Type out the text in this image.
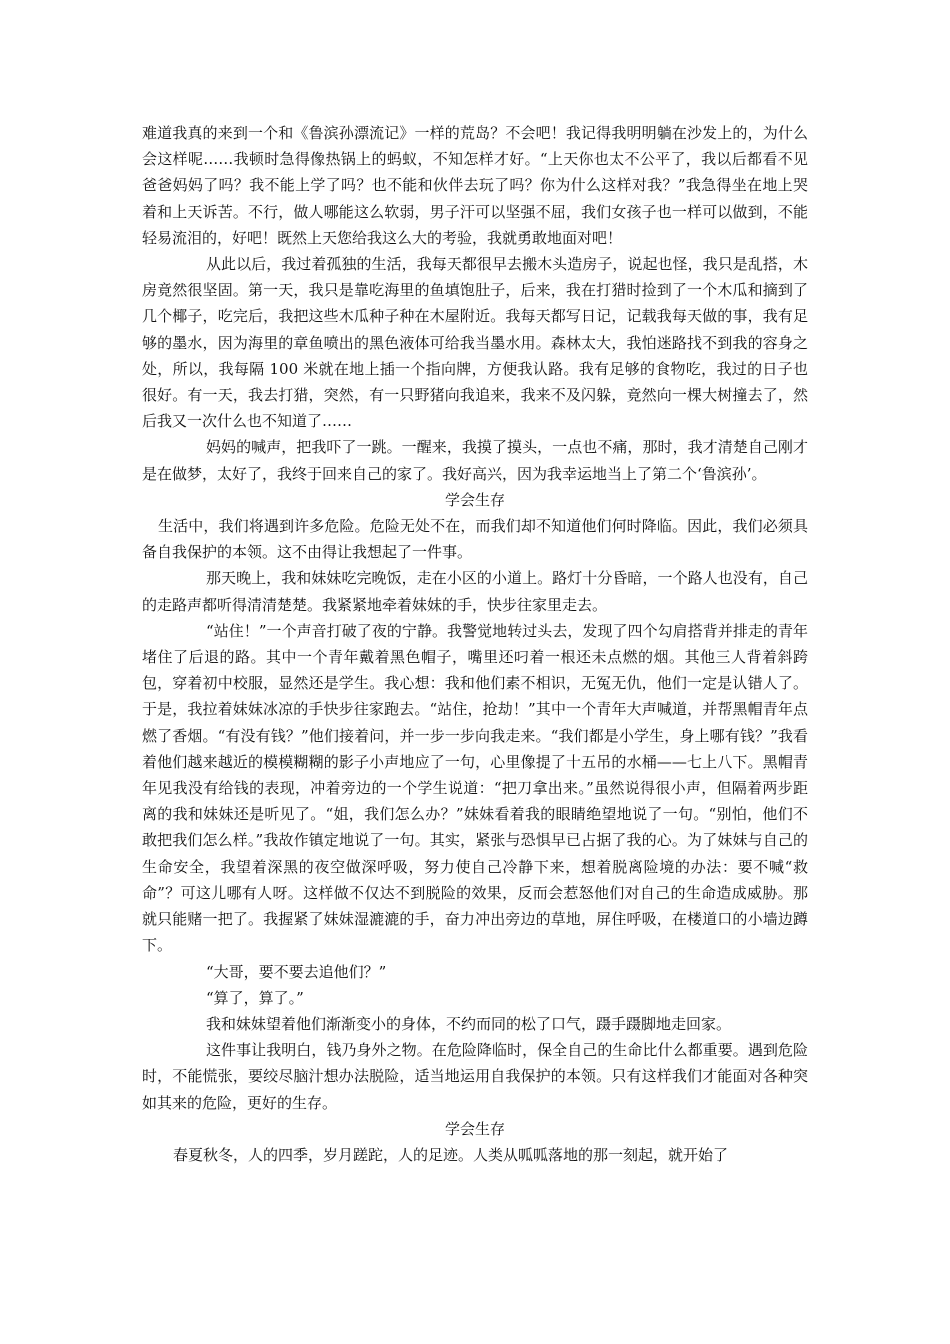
难道我真的来到一个和《鲁滨孙漂流记》一样的荒岛？不会吧！我记得我明明躺在沙发上的，为什么会这样呢……我顿时急得像热锅上的蚂蚁，不知怎样才好。“上天你也太不公平了，我以后都看不见爸爸妈妈了吗？我不能上学了吗？也不能和伙伴去玩了吗？你为什么这样对我？”我急得坐在地上哭着和上天诉苦。不行，做人哪能这么软弱，男子汗可以坚强不屈，我们女孩子也一样可以做到，不能轻易流泪的，好吧！既然上天您给我这么大的考验，我就勇敢地面对吧！

从此以后，我过着孤独的生活，我每天都很早去搬木头造房子，说起也怪，我只是乱搭，木房竟然很坚固。第一天，我只是靠吃海里的鱼填饱肚子，后来，我在打猎时捡到了一个木瓜和摘到了几个椰子，吃完后，我把这些木瓜种子种在木屋附近。我每天都写日记，记载我每天做的事，我有足够的墨水，因为海里的章鱼喷出的黑色液体可给我当墨水用。森林太大，我怕迷路找不到我的容身之处，所以，我每隔 100 米就在地上插一个指向牌，方便我认路。我有足够的食物吃，我过的日子也很好。有一天，我去打猎，突然，有一只野猪向我追来，我来不及闪躲，竟然向一棵大树撞去了，然后我又一次什么也不知道了……

妈妈的喊声，把我吓了一跳。一醒来，我摸了摸头，一点也不痛，那时，我才清楚自己刚才是在做梦，太好了，我终于回来自己的家了。我好高兴，因为我幸运地当上了第二个‘鲁滨孙’。

学会生存

生活中，我们将遇到许多危险。危险无处不在，而我们却不知道他们何时降临。因此，我们必须具备自我保护的本领。这不由得让我想起了一件事。

那天晚上，我和妹妹吃完晚饭，走在小区的小道上。路灯十分昏暗，一个路人也没有，自己的走路声都听得清清楚楚。我紧紧地牵着妹妹的手，快步往家里走去。

“站住！”一个声音打破了夜的宁静。我警觉地转过头去，发现了四个勾肩搭背并排走的青年堵住了后退的路。其中一个青年戴着黑色帽子，嘴里还叼着一根还未点燃的烟。其他三人背着斜跨包，穿着初中校服，显然还是学生。我心想：我和他们素不相识，无冤无仇，他们一定是认错人了。于是，我拉着妹妹冰凉的手快步往家跑去。“站住，抢劫！”其中一个青年大声喊道，并帮黑帽青年点燃了香烟。“有没有钱？”他们接着问，并一步一步向我走来。“我们都是小学生，身上哪有钱？”我看着他们越来越近的模模糊糊的影子小声地应了一句，心里像提了十五吊的水桶——七上八下。黑帽青年见我没有给钱的表现，冲着旁边的一个学生说道：“把刀拿出来。”虽然说得很小声，但隔着两步距离的我和妹妹还是听见了。“姐，我们怎么办？”妹妹看着我的眼睛绝望地说了一句。“别怕，他们不敢把我们怎么样。”我故作镇定地说了一句。其实，紧张与恐惧早已占据了我的心。为了妹妹与自己的生命安全，我望着深黑的夜空做深呼吸，努力使自己冷静下来，想着脱离险境的办法：要不喊“救命”？可这儿哪有人呀。这样做不仅达不到脱险的效果，反而会惹怒他们对自己的生命造成威胁。那就只能赌一把了。我握紧了妹妹湿漉漉的手，奋力冲出旁边的草地，屏住呼吸，在楼道口的小墙边蹲下。

“大哥，要不要去追他们？”

“算了，算了。”

我和妹妹望着他们渐渐变小的身体，不约而同的松了口气，蹑手蹑脚地走回家。

这件事让我明白，钱乃身外之物。在危险降临时，保全自己的生命比什么都重要。遇到危险时，不能慌张，要绞尽脑汁想办法脱险，适当地运用自我保护的本领。只有这样我们才能面对各种突如其来的危险，更好的生存。

学会生存

春夏秋冬，人的四季，岁月蹉跎，人的足迹。人类从呱呱落地的那一刻起，就开始了
